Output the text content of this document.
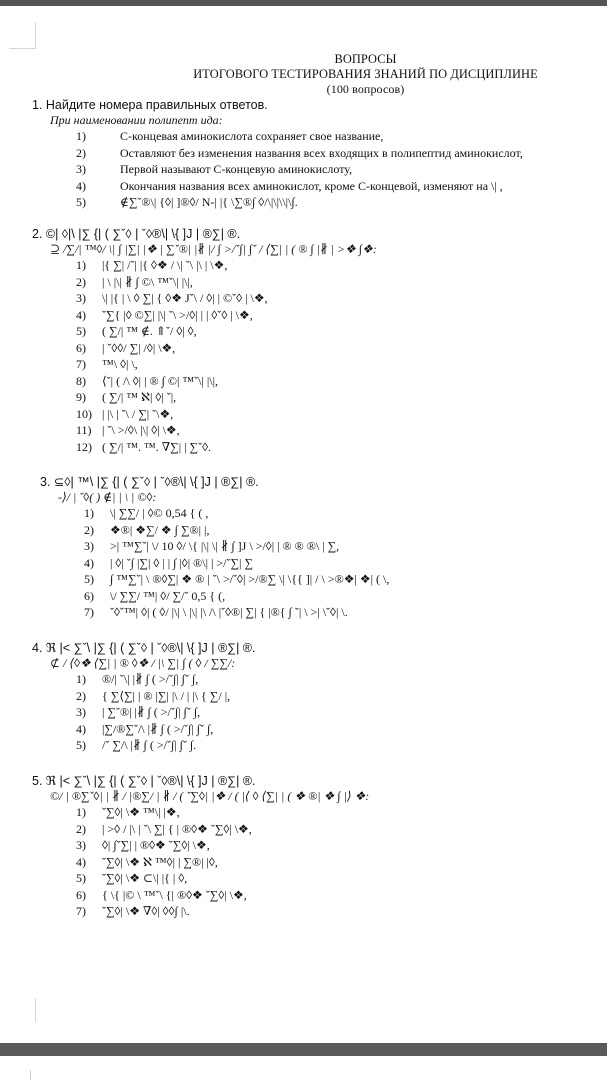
ВОПРОСЫ
ИТОГОВОГО ТЕСТИРОВАНИЯ ЗНАНИЙ ПО ДИСЦИПЛИНЕ
(100 вопросов)
1. Найдите номера правильных ответов.
При наименовании полипепт ида:
1)	С-концевая аминокислота сохраняет свое название,
2)	Оставляют без изменения названия всех входящих в полипептид аминокислот,
3)	Первой называют С-концевую аминокислоту,
4)	Окончания названия всех аминокислот, кроме С-концевой, изменяют на \| ,
5)	∉∑ˇ®\| {◊| ]®◊/ N-| |{ \∑®∫ ◊/\|\|\\|\∫.
2. ©| ◊|\ |∑ {| ( ∑ˇ◊ | ˇ◊®\| \{ ]J | ®∑| ®.
⊇ /∑/| ™◊/ \| ∫ |∑| |❖ | ∑ˇ®| |∦ |/ ∫ >/ˇ∫| ∫ˇ / ⟨∑| | ( ® ∫ |∦ | >❖ ∫❖:
1)	|{ ∑| /ˇ| |{ ◊❖ / \| ˇ\ |\ | \❖,
2)	| \ |\| ∦ ∫ ©\ ™ˇ\| |\|,
3)	\| |{ | \ ◊ ∑| { ◊❖ Jˇ\ / ◊| | ©ˇ◊ | \❖,
4)	ˇ∑{ |◊ ©∑| |\| ˇ\ >/◊| | | ◊ˇ◊ | \❖,
5)	( ∑/| ™ ∉. ⇑ˇ/ ◊| ◊,
6)	| ˇ◊◊/ ∑| /◊| \❖,
7)	™\ ◊| \,
8)	⟨ˇ| ( /\ ◊| | ® ∫ ©| ™ˇ\| |\|,
9)	( ∑/| ™ ℵ| ◊| ˇ|,
10) | |\ | ˇ\ / ∑| ˇ\❖,
11) | ˇ\ >/◊\ |\| ◊| \❖,
12) ( ∑/| ™. ™. ∇∑| | ∑ˇ◊.
3. ⊆◊| ™\ |∑ {| ( ∑ˇ◊ | ˇ◊®\| \{ ]J | ®∑| ®.
-⟩/ | ˇ◊( ) ∉| | \ | ©◊:
1)	\| ∑∑/ | ◊© 0,54 { ( ,
2)	❖®| ❖∑/ ❖ ∫ ∑®| |,
3)	>| ™∑ˇ| \/ 10 ◊/ \{ |\| \| ∦ ∫ ]J \ >/◊| | ® ® ®\ | ∑,
4)	| ◊| ˇ∫ |∑| ◊ | | ∫ |◊| ®\| | >/ˇ∑| ∑
5)	∫ ™∑ˇ| \ ®◊∑| ❖ ® | ˇ\ >/ˇ◊| >/®∑ \| \{{ ]| / \ >®❖| ❖| ( \,
6)	\/ ∑∑/ ™| ◊/ ∑/ˇ 0,5 { (,
7)	ˇ◊ˇ™| ◊| ( ◊/ |\| \ |\| |\ /\ |ˇ◊®| ∑| { |®{ ∫ ˇ| \ >| \ˇ◊| \.
4. ℜ |< ∑ˇ\ |∑ {| ( ∑ˇ◊ | ˇ◊®\| \{ ]J | ®∑| ®.
⊄ / ⟨◊❖ ⟨∑| | ® ◊❖ / |\ ∑| ∫ ( ◊ / ∑∑/:
1)	®/| ˇ\| |∦ ∫ ( >/ˇ∫| ∫ˇ ∫,
2)	{ ∑⟨∑| | ® |∑| |\ / | |\ { ∑/ |,
3)	| ∑ˇ®| |∦ ∫ ( >/ˇ∫| ∫ˇ ∫,
4)	|∑/®∑ˇ/\ |∦ ∫ ( >/ˇ∫| ∫ˇ ∫,
5)	/ˇ ∑/\ |∦ ∫ ( >/ˇ∫| ∫ˇ ∫.
5. ℜ |< ∑ˇ\ |∑ {| ( ∑ˇ◊ | ˇ◊®\| \{ ]J | ®∑| ®.
©/ | ®∑ˇ◊| | ∦ / |®∑/ | ∦ / ( ˇ∑◊| |❖ / ( |⟨ ◊ ⟨∑| | ( ❖ ®| ❖ ∫ |⟩ ❖:
1)	ˇ∑◊| \❖ ™\| |❖,
2)	| >◊ / |\ | ˇ\ ∑| { | ®◊❖ ˇ∑◊| \❖,
3)	◊| ∫ˇ∑| | ®◊❖ ˇ∑◊| \❖,
4)	ˇ∑◊| \❖ ℵ ™◊| | ∑®| |◊,
5)	ˇ∑◊| \❖ ⊂\| |{ | ◊,
6)	{ \{ |© \ ™ˇ\ {| ®◊❖ ˇ∑◊| \❖,
7)	ˇ∑◊| \❖ ∇◊| ◊◊∫ |\.
